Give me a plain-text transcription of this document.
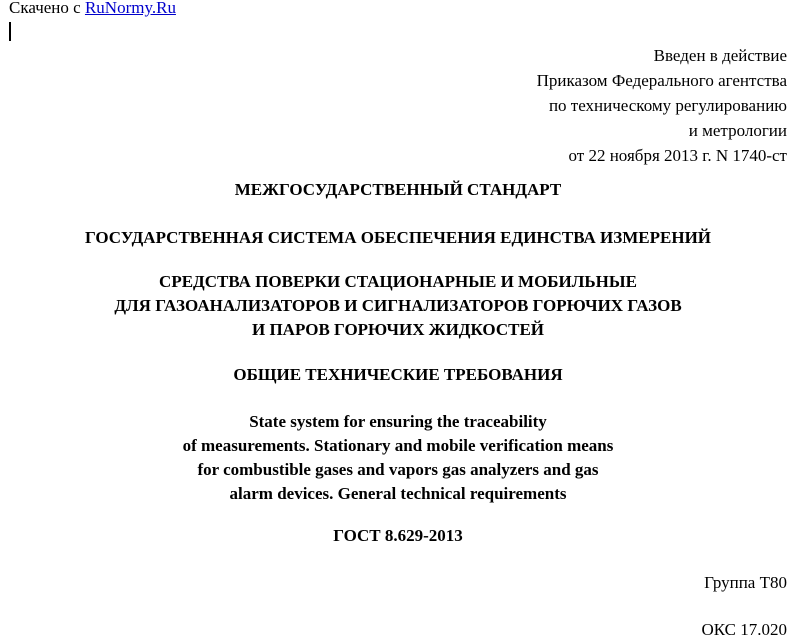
Скачено с RuNormy.Ru
Введен в действие
Приказом Федерального агентства
по техническому регулированию
и метрологии
от 22 ноября 2013 г. N 1740-ст
МЕЖГОСУДАРСТВЕННЫЙ СТАНДАРТ
ГОСУДАРСТВЕННАЯ СИСТЕМА ОБЕСПЕЧЕНИЯ ЕДИНСТВА ИЗМЕРЕНИЙ
СРЕДСТВА ПОВЕРКИ СТАЦИОНАРНЫЕ И МОБИЛЬНЫЕ
ДЛЯ ГАЗОАНАЛИЗАТОРОВ И СИГНАЛИЗАТОРОВ ГОРЮЧИХ ГАЗОВ
И ПАРОВ ГОРЮЧИХ ЖИДКОСТЕЙ
ОБЩИЕ ТЕХНИЧЕСКИЕ ТРЕБОВАНИЯ
State system for ensuring the traceability
of measurements. Stationary and mobile verification means
for combustible gases and vapors gas analyzers and gas
alarm devices. General technical requirements
ГОСТ 8.629-2013
Группа Т80
ОКС 17.020
